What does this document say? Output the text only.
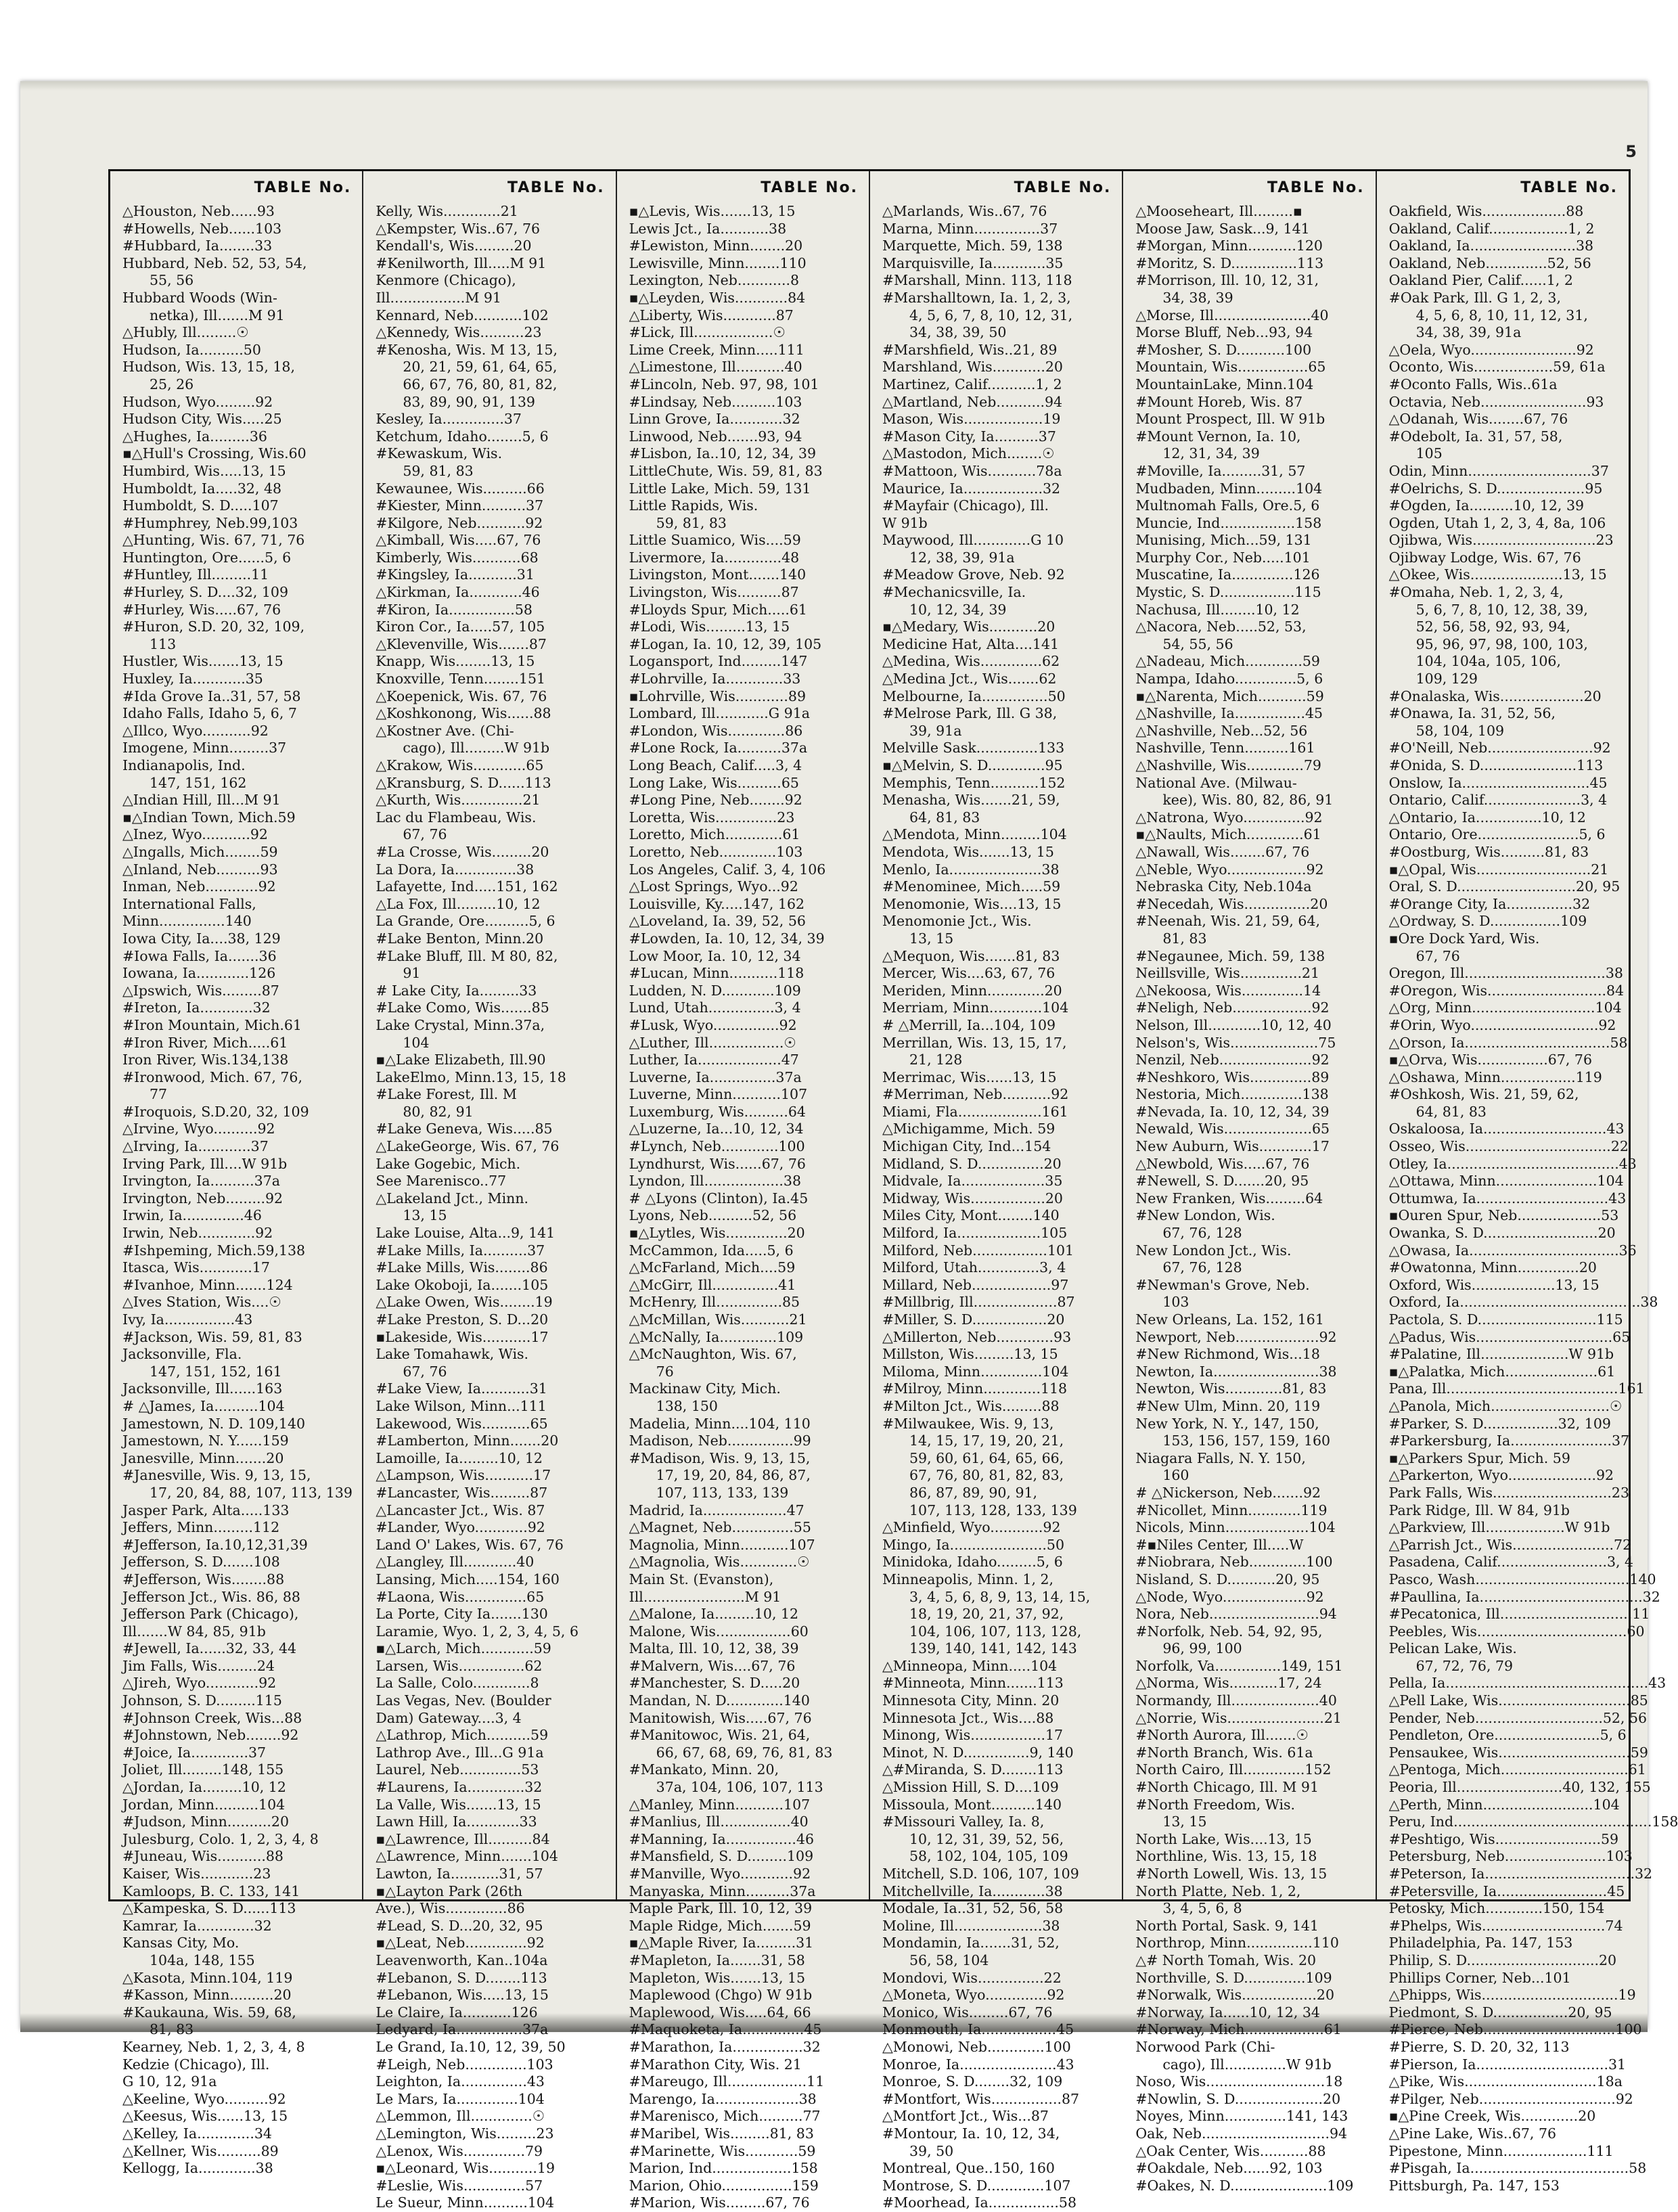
5
TABLE No.
△Houston, Neb......93
#Howells, Neb......103
#Hubbard, Ia........33
Hubbard, Neb. 52, 53, 54,
55, 56
Hubbard Woods (Win-
netka), Ill.......M 91
△Hubly, Ill.........☉
Hudson, Ia..........50
Hudson, Wis. 13, 15, 18,
25, 26
Hudson, Wyo.........92
Hudson City, Wis.....25
△Hughes, Ia.........36
▪△Hull's Crossing, Wis.60
Humbird, Wis.....13, 15
Humboldt, Ia.....32, 48
Humboldt, S. D.....107
#Humphrey, Neb.99,103
△Hunting, Wis. 67, 71, 76
Huntington, Ore......5, 6
#Huntley, Ill.........11
#Hurley, S. D....32, 109
#Hurley, Wis.....67, 76
#Huron, S.D. 20, 32, 109,
113
Hustler, Wis.......13, 15
Huxley, Ia............35
#Ida Grove Ia..31, 57, 58
Idaho Falls, Idaho 5, 6, 7
△Illco, Wyo...........92
Imogene, Minn.........37
Indianapolis, Ind.
147, 151, 162
△Indian Hill, Ill...M 91
▪△Indian Town, Mich.59
△Inez, Wyo...........92
△Ingalls, Mich........59
△Inland, Neb..........93
Inman, Neb............92
International Falls,
Minn...............140
Iowa City, Ia....38, 129
#Iowa Falls, Ia.......36
Iowana, Ia............126
△Ipswich, Wis.........87
#Ireton, Ia............32
#Iron Mountain, Mich.61
#Iron River, Mich.....61
Iron River, Wis.134,138
#Ironwood, Mich. 67, 76,
77
#Iroquois, S.D.20, 32, 109
△Irvine, Wyo..........92
△Irving, Ia............37
Irving Park, Ill....W 91b
Irvington, Ia..........37a
Irvington, Neb.........92
Irwin, Ia..............46
Irwin, Neb.............92
#Ishpeming, Mich.59,138
Itasca, Wis............17
#Ivanhoe, Minn.......124
△Ives Station, Wis....☉
Ivy, Ia................43
#Jackson, Wis. 59, 81, 83
Jacksonville, Fla.
147, 151, 152, 161
Jacksonville, Ill......163
# △James, Ia..........104
Jamestown, N. D. 109,140
Jamestown, N. Y......159
Janesville, Minn.......20
#Janesville, Wis. 9, 13, 15,
17, 20, 84, 88, 107, 113, 139
Jasper Park, Alta.....133
Jeffers, Minn.........112
#Jefferson, Ia.10,12,31,39
Jefferson, S. D.......108
#Jefferson, Wis........88
Jefferson Jct., Wis. 86, 88
Jefferson Park (Chicago),
Ill.......W 84, 85, 91b
#Jewell, Ia......32, 33, 44
Jim Falls, Wis.........24
△Jireh, Wyo............92
Johnson, S. D.........115
#Johnson Creek, Wis...88
#Johnstown, Neb........92
#Joice, Ia.............37
Joliet, Ill.........148, 155
△Jordan, Ia.........10, 12
Jordan, Minn..........104
#Judson, Minn..........20
Julesburg, Colo. 1, 2, 3, 4, 8
#Juneau, Wis...........88
Kaiser, Wis............23
Kamloops, B. C. 133, 141
△Kampeska, S. D......113
Kamrar, Ia.............32
Kansas City, Mo.
104a, 148, 155
△Kasota, Minn.104, 119
#Kasson, Minn..........20
#Kaukauna, Wis. 59, 68,
81, 83
Kearney, Neb. 1, 2, 3, 4, 8
Kedzie (Chicago), Ill.
G 10, 12, 91a
△Keeline, Wyo..........92
△Keesus, Wis......13, 15
△Kelley, Ia.............34
△Kellner, Wis..........89
Kellogg, Ia.............38
TABLE No.
Kelly, Wis.............21
△Kempster, Wis..67, 76
Kendall's, Wis.........20
#Kenilworth, Ill.....M 91
Kenmore (Chicago),
Ill.................M 91
Kennard, Neb...........102
△Kennedy, Wis..........23
#Kenosha, Wis. M 13, 15,
20, 21, 59, 61, 64, 65,
66, 67, 76, 80, 81, 82,
83, 89, 90, 91, 139
Kesley, Ia..............37
Ketchum, Idaho........5, 6
#Kewaskum, Wis.
59, 81, 83
Kewaunee, Wis..........66
#Kiester, Minn..........37
#Kilgore, Neb...........92
△Kimball, Wis.....67, 76
Kimberly, Wis...........68
#Kingsley, Ia...........31
△Kirkman, Ia............46
#Kiron, Ia...............58
Kiron Cor., Ia.....57, 105
△Klevenville, Wis.......87
Knapp, Wis........13, 15
Knoxville, Tenn........151
△Koepenick, Wis. 67, 76
△Koshkonong, Wis......88
△Kostner Ave. (Chi-
cago), Ill.........W 91b
△Krakow, Wis............65
△Kransburg, S. D......113
△Kurth, Wis..............21
Lac du Flambeau, Wis.
67, 76
#La Crosse, Wis.........20
La Dora, Ia..............38
Lafayette, Ind.....151, 162
△La Fox, Ill.........10, 12
La Grande, Ore..........5, 6
#Lake Benton, Minn.20
#Lake Bluff, Ill. M 80, 82,
91
# Lake City, Ia.........33
#Lake Como, Wis.......85
Lake Crystal, Minn.37a,
104
▪△Lake Elizabeth, Ill.90
LakeElmo, Minn.13, 15, 18
#Lake Forest, Ill. M
80, 82, 91
#Lake Geneva, Wis.....85
△LakeGeorge, Wis. 67, 76
Lake Gogebic, Mich.
See Marenisco..77
△Lakeland Jct., Minn.
13, 15
Lake Louise, Alta...9, 141
#Lake Mills, Ia..........37
#Lake Mills, Wis........86
Lake Okoboji, Ia.......105
△Lake Owen, Wis........19
#Lake Preston, S. D...20
▪Lakeside, Wis...........17
Lake Tomahawk, Wis.
67, 76
#Lake View, Ia...........31
Lake Wilson, Minn...111
Lakewood, Wis...........65
#Lamberton, Minn.......20
Lamoille, Ia.........10, 12
△Lampson, Wis...........17
#Lancaster, Wis.........87
△Lancaster Jct., Wis. 87
#Lander, Wyo............92
Land O' Lakes, Wis. 67, 76
△Langley, Ill............40
Lansing, Mich.....154, 160
#Laona, Wis..............65
La Porte, City Ia.......130
Laramie, Wyo. 1, 2, 3, 4, 5, 6
▪△Larch, Mich............59
Larsen, Wis...............62
La Salle, Colo.............8
Las Vegas, Nev. (Boulder
Dam) Gateway....3, 4
△Lathrop, Mich..........59
Lathrop Ave., Ill...G 91a
Laurel, Neb..............53
#Laurens, Ia.............32
La Valle, Wis.......13, 15
Lawn Hill, Ia............33
▪△Lawrence, Ill..........84
△Lawrence, Minn.......104
Lawton, Ia...........31, 57
▪△Layton Park (26th
Ave.), Wis..............86
#Lead, S. D...20, 32, 95
▪△Leat, Neb..............92
Leavenworth, Kan..104a
#Lebanon, S. D........113
#Lebanon, Wis.....13, 15
Le Claire, Ia...........126
Ledyard, Ia...............37a
Le Grand, Ia.10, 12, 39, 50
#Leigh, Neb..............103
Leighton, Ia...............43
Le Mars, Ia..............104
△Lemmon, Ill..............☉
△Lemington, Wis.........23
△Lenox, Wis..............79
▪△Leonard, Wis...........19
#Leslie, Wis..............57
Le Sueur, Minn..........104
TABLE No.
▪△Levis, Wis.......13, 15
Lewis Jct., Ia...........38
#Lewiston, Minn........20
Lewisville, Minn........110
Lexington, Neb............8
▪△Leyden, Wis............84
△Liberty, Wis............87
#Lick, Ill..................☉
Lime Creek, Minn.....111
△Limestone, Ill...........40
#Lincoln, Neb. 97, 98, 101
#Lindsay, Neb..........103
Linn Grove, Ia............32
Linwood, Neb.......93, 94
#Lisbon, Ia..10, 12, 34, 39
LittleChute, Wis. 59, 81, 83
Little Lake, Mich. 59, 131
Little Rapids, Wis.
59, 81, 83
Little Suamico, Wis....59
Livermore, Ia.............48
Livingston, Mont.......140
Livingston, Wis..........87
#Lloyds Spur, Mich.....61
#Lodi, Wis.........13, 15
#Logan, Ia. 10, 12, 39, 105
Logansport, Ind.........147
#Lohrville, Ia.............33
▪Lohrville, Wis............89
Lombard, Ill............G 91a
#London, Wis.............86
#Lone Rock, Ia..........37a
Long Beach, Calif.....3, 4
Long Lake, Wis..........65
#Long Pine, Neb........92
Loretta, Wis..............23
Loretto, Mich.............61
Loretto, Neb.............103
Los Angeles, Calif. 3, 4, 106
△Lost Springs, Wyo...92
Louisville, Ky.....147, 162
△Loveland, Ia. 39, 52, 56
#Lowden, Ia. 10, 12, 34, 39
Low Moor, Ia. 10, 12, 34
#Lucan, Minn...........118
Ludden, N. D............109
Lund, Utah...............3, 4
#Lusk, Wyo...............92
△Luther, Ill.................☉
Luther, Ia...................47
Luverne, Ia...............37a
Luverne, Minn...........107
Luxemburg, Wis..........64
△Luzerne, Ia...10, 12, 34
#Lynch, Neb.............100
Lyndhurst, Wis......67, 76
Lyndon, Ill..................38
# △Lyons (Clinton), Ia.45
Lyons, Neb..........52, 56
▪△Lytles, Wis..............20
McCammon, Ida.....5, 6
△McFarland, Mich....59
△McGirr, Ill...............41
McHenry, Ill...............85
△McMillan, Wis...........21
△McNally, Ia.............109
△McNaughton, Wis. 67,
76
Mackinaw City, Mich.
138, 150
Madelia, Minn....104, 110
Madison, Neb...............99
#Madison, Wis. 9, 13, 15,
17, 19, 20, 84, 86, 87,
107, 113, 133, 139
Madrid, Ia...................47
△Magnet, Neb..............55
Magnolia, Minn...........107
△Magnolia, Wis.............☉
Main St. (Evanston),
Ill.......................M 91
△Malone, Ia.........10, 12
Malone, Wis.................60
Malta, Ill. 10, 12, 38, 39
#Malvern, Wis....67, 76
#Manchester, S. D.....20
Mandan, N. D.............140
Manitowish, Wis.....67, 76
#Manitowoc, Wis. 21, 64,
66, 67, 68, 69, 76, 81, 83
#Mankato, Minn. 20,
37a, 104, 106, 107, 113
△Manley, Minn...........107
#Manlius, Ill................40
#Manning, Ia................46
#Mansfield, S. D.........109
#Manville, Wyo............92
Manyaska, Minn..........37a
Maple Park, Ill. 10, 12, 39
Maple Ridge, Mich.......59
▪△Maple River, Ia.........31
#Mapleton, Ia.......31, 58
Mapleton, Wis.......13, 15
Maplewood (Chgo) W 91b
Maplewood, Wis.....64, 66
#Maquoketa, Ia..............45
#Marathon, Ia................32
#Marathon City, Wis. 21
#Mareugo, Ill..................11
Marengo, Ia...................38
#Marenisco, Mich..........77
#Maribel, Wis.........81, 83
#Marinette, Wis............59
Marion, Ind..................158
Marion, Ohio................159
#Marion, Wis.........67, 76
TABLE No.
△Marlands, Wis..67, 76
Marna, Minn...............37
Marquette, Mich. 59, 138
Marquisville, Ia............35
#Marshall, Minn. 113, 118
#Marshalltown, Ia. 1, 2, 3,
4, 5, 6, 7, 8, 10, 12, 31,
34, 38, 39, 50
#Marshfield, Wis..21, 89
Marshland, Wis............20
Martinez, Calif...........1, 2
△Martland, Neb...........94
Mason, Wis..................19
#Mason City, Ia..........37
△Mastodon, Mich........☉
#Mattoon, Wis...........78a
Maurice, Ia..................32
#Mayfair (Chicago), Ill.
W 91b
Maywood, Ill.............G 10
12, 38, 39, 91a
#Meadow Grove, Neb. 92
#Mechanicsville, Ia.
10, 12, 34, 39
▪△Medary, Wis...........20
Medicine Hat, Alta....141
△Medina, Wis..............62
△Medina Jct., Wis.......62
Melbourne, Ia...............50
#Melrose Park, Ill. G 38,
39, 91a
Melville Sask..............133
▪△Melvin, S. D.............95
Memphis, Tenn...........152
Menasha, Wis.......21, 59,
64, 81, 83
△Mendota, Minn.........104
Mendota, Wis.......13, 15
Menlo, Ia.....................38
#Menominee, Mich.....59
Menomonie, Wis....13, 15
Menomonie Jct., Wis.
13, 15
△Mequon, Wis.......81, 83
Mercer, Wis....63, 67, 76
Meriden, Minn.............20
Merriam, Minn............104
# △Merrill, Ia...104, 109
Merrillan, Wis. 13, 15, 17,
21, 128
Merrimac, Wis......13, 15
#Merriman, Neb...........92
Miami, Fla...................161
△Michigamme, Mich. 59
Michigan City, Ind...154
Midland, S. D...............20
Midvale, Ia...................35
Midway, Wis.................20
Miles City, Mont........140
Milford, Ia...................105
Milford, Neb.................101
Milford, Utah..............3, 4
Millard, Neb..................97
#Millbrig, Ill...................87
#Miller, S. D.................20
△Millerton, Neb.............93
Millston, Wis.........13, 15
Miloma, Minn..............104
#Milroy, Minn.............118
#Milton Jct., Wis.........88
#Milwaukee, Wis. 9, 13,
14, 15, 17, 19, 20, 21,
59, 60, 61, 64, 65, 66,
67, 76, 80, 81, 82, 83,
86, 87, 89, 90, 91,
107, 113, 128, 133, 139
△Minfield, Wyo............92
Mingo, Ia......................50
Minidoka, Idaho.........5, 6
Minneapolis, Minn. 1, 2,
3, 4, 5, 6, 8, 9, 13, 14, 15,
18, 19, 20, 21, 37, 92,
104, 106, 107, 113, 128,
139, 140, 141, 142, 143
△Minneopa, Minn.....104
#Minneota, Minn.......113
Minnesota City, Minn. 20
Minnesota Jct., Wis....88
Minong, Wis.................17
Minot, N. D...............9, 140
△#Miranda, S. D........113
△Mission Hill, S. D....109
Missoula, Mont..........140
#Missouri Valley, Ia. 8,
10, 12, 31, 39, 52, 56,
58, 102, 104, 105, 109
Mitchell, S.D. 106, 107, 109
Mitchellville, Ia............38
Modale, Ia..31, 52, 56, 58
Moline, Ill....................38
Mondamin, Ia.......31, 52,
56, 58, 104
Mondovi, Wis...............22
△Moneta, Wyo..............92
Monico, Wis.........67, 76
Monmouth, Ia.................45
△Monowi, Neb.............100
Monroe, Ia......................43
Monroe, S. D........32, 109
#Montfort, Wis................87
△Montfort Jct., Wis...87
#Montour, Ia. 10, 12, 34,
39, 50
Montreal, Que..150, 160
Montrose, S. D.............107
#Moorhead, Ia................58
TABLE No.
△Mooseheart, Ill.........▪
Moose Jaw, Sask...9, 141
#Morgan, Minn...........120
#Moritz, S. D...............113
#Morrison, Ill. 10, 12, 31,
34, 38, 39
△Morse, Ill......................40
Morse Bluff, Neb...93, 94
#Mosher, S. D...........100
Mountain, Wis................65
MountainLake, Minn.104
#Mount Horeb, Wis. 87
Mount Prospect, Ill. W 91b
#Mount Vernon, Ia. 10,
12, 31, 34, 39
#Moville, Ia.........31, 57
Mudbaden, Minn.........104
Multnomah Falls, Ore.5, 6
Muncie, Ind.................158
Munising, Mich...59, 131
Murphy Cor., Neb.....101
Muscatine, Ia..............126
Mystic, S. D.................115
Nachusa, Ill........10, 12
△Nacora, Neb.....52, 53,
54, 55, 56
△Nadeau, Mich.............59
Nampa, Idaho..............5, 6
▪△Narenta, Mich...........59
△Nashville, Ia................45
△Nashville, Neb...52, 56
Nashville, Tenn..........161
△Nashville, Wis.............79
National Ave. (Milwau-
kee), Wis. 80, 82, 86, 91
△Natrona, Wyo..............92
▪△Naults, Mich.............61
△Nawall, Wis........67, 76
△Neble, Wyo..................92
Nebraska City, Neb.104a
#Necedah, Wis...............20
#Neenah, Wis. 21, 59, 64,
81, 83
#Negaunee, Mich. 59, 138
Neillsville, Wis..............21
△Nekoosa, Wis..............14
#Neligh, Neb..................92
Nelson, Ill............10, 12, 40
Nelson's, Wis....................75
Nenzil, Neb.....................92
#Neshkoro, Wis..............89
Nestoria, Mich..............138
#Nevada, Ia. 10, 12, 34, 39
Newald, Wis....................65
New Auburn, Wis............17
△Newbold, Wis.....67, 76
#Newell, S. D.......20, 95
New Franken, Wis.........64
#New London, Wis.
67, 76, 128
New London Jct., Wis.
67, 76, 128
#Newman's Grove, Neb.
103
New Orleans, La. 152, 161
Newport, Neb...................92
#New Richmond, Wis...18
Newton, Ia........................38
Newton, Wis.............81, 83
#New Ulm, Minn. 20, 119
New York, N. Y., 147, 150,
153, 156, 157, 159, 160
Niagara Falls, N. Y. 150,
160
# △Nickerson, Neb.......92
#Nicollet, Minn............119
Nicols, Minn...................104
#▪Niles Center, Ill.....W
#Niobrara, Neb.............100
Nisland, S. D...........20, 95
△Node, Wyo...................92
Nora, Neb.........................94
#Norfolk, Neb. 54, 92, 95,
96, 99, 100
Norfolk, Va...............149, 151
△Norma, Wis...........17, 24
Normandy, Ill....................40
△Norrie, Wis......................21
#North Aurora, Ill.......☉
#North Branch, Wis. 61a
North Cairo, Ill..............152
#North Chicago, Ill. M 91
#North Freedom, Wis.
13, 15
North Lake, Wis....13, 15
Northline, Wis. 13, 15, 18
#North Lowell, Wis. 13, 15
North Platte, Neb. 1, 2,
3, 4, 5, 6, 8
North Portal, Sask. 9, 141
Northrop, Minn...............110
△# North Tomah, Wis. 20
Northville, S. D..............109
#Norwalk, Wis.................20
#Norway, Ia......10, 12, 34
#Norway, Mich..................61
Norwood Park (Chi-
cago), Ill..............W 91b
Noso, Wis...........................18
#Nowlin, S. D....................20
Noyes, Minn..............141, 143
Oak, Neb.............................94
△Oak Center, Wis...........88
#Oakdale, Neb......92, 103
#Oakes, N. D......................109
TABLE No.
Oakfield, Wis...................88
Oakland, Calif..................1, 2
Oakland, Ia........................38
Oakland, Neb..............52, 56
Oakland Pier, Calif......1, 2
#Oak Park, Ill. G 1, 2, 3,
4, 5, 6, 8, 10, 11, 12, 31,
34, 38, 39, 91a
△Oela, Wyo........................92
Oconto, Wis..................59, 61a
#Oconto Falls, Wis..61a
Octavia, Neb........................93
△Odanah, Wis........67, 76
#Odebolt, Ia. 31, 57, 58,
105
Odin, Minn............................37
#Oelrichs, S. D....................95
#Ogden, Ia..........10, 12, 39
Ogden, Utah 1, 2, 3, 4, 8a, 106
Ojibwa, Wis............................23
Ojibway Lodge, Wis. 67, 76
△Okee, Wis.....................13, 15
#Omaha, Neb. 1, 2, 3, 4,
5, 6, 7, 8, 10, 12, 38, 39,
52, 56, 58, 92, 93, 94,
95, 96, 97, 98, 100, 103,
104, 104a, 105, 106,
109, 129
#Onalaska, Wis...................20
#Onawa, Ia. 31, 52, 56,
58, 104, 109
#O'Neill, Neb........................92
#Onida, S. D......................113
Onslow, Ia.............................45
Ontario, Calif......................3, 4
△Ontario, Ia...............10, 12
Ontario, Ore.......................5, 6
#Oostburg, Wis..........81, 83
▪△Opal, Wis..........................21
Oral, S. D...........................20, 95
#Orange City, Ia...............32
△Ordway, S. D................109
▪Ore Dock Yard, Wis.
67, 76
Oregon, Ill................................38
#Oregon, Wis...........................84
△Org, Minn............................104
#Orin, Wyo.............................92
△Orson, Ia.................................58
▪△Orva, Wis................67, 76
△Oshawa, Minn.................119
#Oshkosh, Wis. 21, 59, 62,
64, 81, 83
Oskaloosa, Ia............................43
Osseo, Wis.................................22
Otley, Ia.......................................43
△Ottawa, Minn.......................104
Ottumwa, Ia..............................43
▪Ouren Spur, Neb...................53
Owanka, S. D..........................20
△Owasa, Ia..................................36
#Owatonna, Minn..............20
Oxford, Wis...................13, 15
Oxford, Ia.........................................38
Pactola, S. D...........................115
△Padus, Wis...............................65
#Palatine, Ill....................W 91b
▪△Palatka, Mich.....................61
Pana, Ill.......................................161
△Panola, Mich...........................☉
#Parker, S. D.................32, 109
#Parkersburg, Ia.......................37
▪△Parkers Spur, Mich. 59
△Parkerton, Wyo....................92
Park Falls, Wis...........................23
Park Ridge, Ill. W 84, 91b
△Parkview, Ill..................W 91b
△Parrish Jct., Wis.......................72
Pasadena, Calif.........................3, 4
Pasco, Wash...................................140
#Paullina, Ia.....................................32
#Pecatonica, Ill..............................11
Peebles, Wis..................................60
Pelican Lake, Wis.
67, 72, 76, 79
Pella, Ia..............................................43
△Pell Lake, Wis..............................85
Pender, Neb.............................52, 56
Pendleton, Ore........................5, 6
Pensaukee, Wis..............................59
△Pentoga, Mich.............................61
Peoria, Ill........................40, 132, 155
△Perth, Minn.........................104
Peru, Ind.............................................158
#Peshtigo, Wis........................59
Petersburg, Neb.......................103
#Peterson, Ia..................................32
#Petersville, Ia.........................45
Petosky, Mich.............150, 154
#Phelps, Wis............................74
Philadelphia, Pa. 147, 153
Philip, S. D..............................20
Phillips Corner, Neb...101
△Phipps, Wis...............................19
Piedmont, S. D.................20, 95
#Pierce, Neb..............................100
#Pierre, S. D. 20, 32, 113
#Pierson, Ia..............................31
△Pike, Wis..............................18a
#Pilger, Neb...............................92
▪△Pine Creek, Wis.............20
△Pine Lake, Wis..67, 76
Pipestone, Minn...................111
#Pisgah, Ia....................................58
Pittsburgh, Pa. 147, 153
